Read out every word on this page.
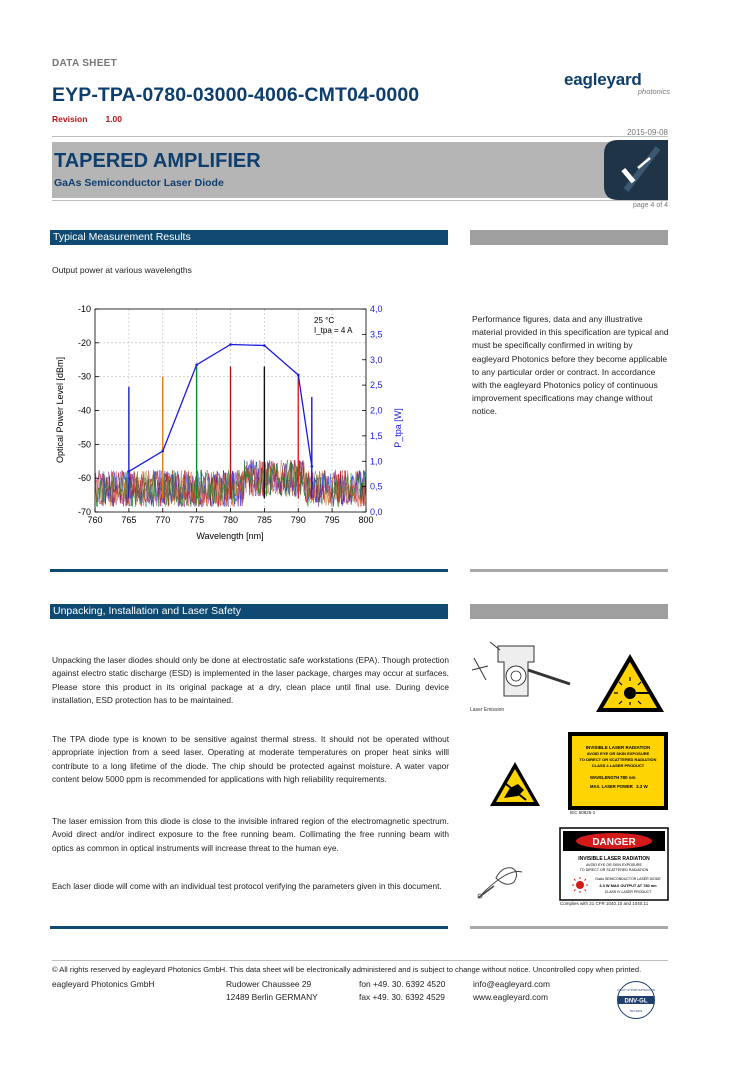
DATA SHEET
EYP-TPA-0780-03000-4006-CMT04-0000
Revision 1.00
eagleyard
photonics
2015-09-08
TAPERED AMPLIFIER
GaAs Semiconductor Laser Diode
page 4 of 4
Typical Measurement Results
Output power at various wavelengths
760 765 770 775 780 785 790 795 800
-70
-60
-50
-40
-30
-20
-10
0,0
0,5
1,0
1,5
2,0
2,5
3,0
3,5
4,0
25 °C
I_tpa = 4 A
Wavelength [nm]
Optical Power Level [dBm]	P_tpa [W]
Performance figures, data and any illustrative material provided in this specification are typical and must be specifically confirmed in writing by eagleyard Photonics before they become applicable to any particular order or contract. In accordance with the eagleyard Photonics policy of continuous improvement specifications may change without notice.
Unpacking, Installation and Laser Safety
Unpacking the laser diodes should only be done at electrostatic safe workstations (EPA). Though protection against electro static discharge (ESD) is implemented in the laser package, charges may occur at surfaces. Please store this product in its original package at a dry, clean place until final use. During device installation, ESD protection has to be maintained.
The TPA diode type is known to be sensitive against thermal stress. It should not be operated without appropriate injection from a seed laser. Operating at moderate temperatures on proper heat sinks willl contribute to a long lifetime of the diode. The chip should be protected against moisture. A water vapor content below 5000 ppm is recommended for applications with high reliability requirements.
The laser emission from this diode is close to the invisible infrared region of the electromagnetic spectrum. Avoid direct and/or indirect exposure to the free running beam. Collimating the free running beam with optics as common in optical instruments will increase threat to the human eye.
Each laser diode will come with an individual test protocol verifying the parameters given in this document.
Laser Emission
INVISIBLE LASER RADIATION
AVOID EYE OR SKIN EXPOSURE
TO DIRECT OR SCATTERED RADIATION
CLASS 4 LASER PRODUCT
WAVELENGTH 780 nm
MAX. LASER POWER 3.3 W
IEC 60825-1
DANGER
INVISIBLE LASER RADIATION
AVOID EYE OR SKIN EXPOSURE
TO DIRECT OR SCATTERED RADIATION
GaAs SEMICONDUCTOR LASER DIODE
3.3 W MAX OUTPUT AT 780 nm
CLASS IV LASER PRODUCT
Complies with 21 CFR 1040.10 and 1040.11
© All rights reserved by eagleyard Photonics GmbH. This data sheet will be electronically administered and is subject to change without notice. Uncontrolled copy when printed.
eagleyard Photonics GmbH	Rudower Chaussee 29
12489 Berlin GERMANY
fon +49. 30. 6392 4520
fax +49. 30. 6392 4529
info@eagleyard.com
www.eagleyard.com	DNV·GL
QUALITY SYSTEM CERTIFICATION
ISO 9001
